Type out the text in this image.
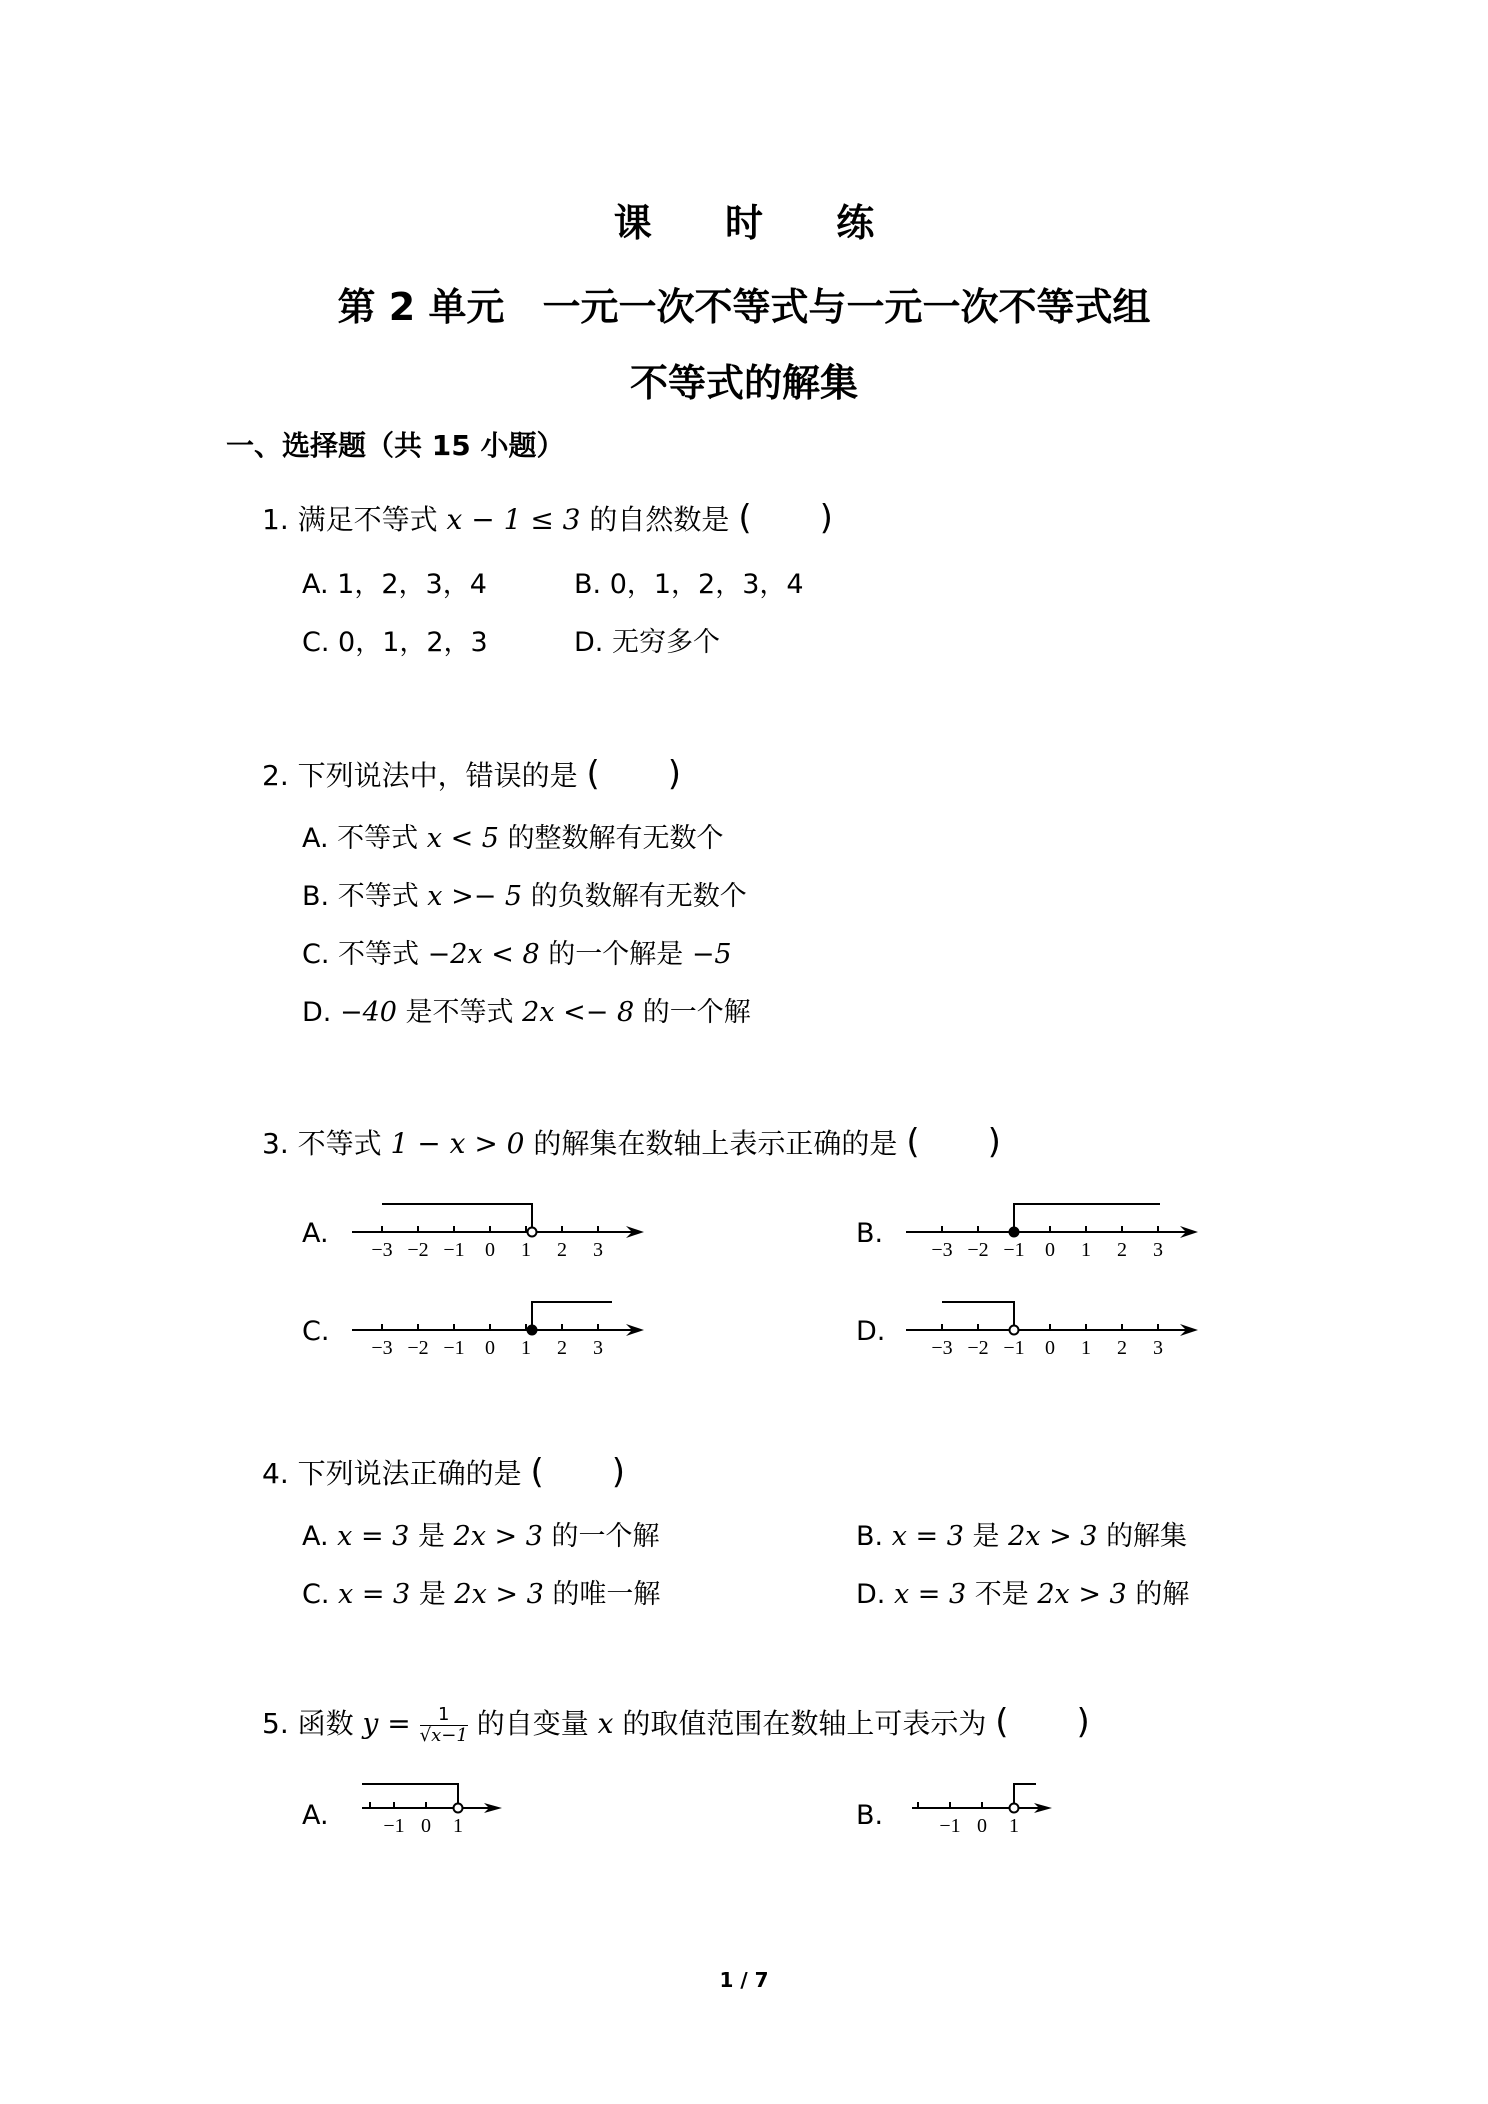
课 时 练
第 2 单元　一元一次不等式与一元一次不等式组
不等式的解集
一、选择题（共 15 小题）
1. 满足不等式 x − 1 ≤ 3 的自然数是 (　　)
A. 1，2，3，4	B. 0，1，2，3，4
C. 0，1，2，3	D. 无穷多个
2. 下列说法中，错误的是 (　　)
A. 不等式 x < 5 的整数解有无数个
B. 不等式 x >− 5 的负数解有无数个
C. 不等式 −2x < 8 的一个解是 −5
D. −40 是不等式 2x <− 8 的一个解
3. 不等式 1 − x > 0 的解集在数轴上表示正确的是 (　　)
A.	B.
C.	D.
−3 −2 −1 0 1 2 3	−3 −2 −1 0 1 2 3
−3 −2 −1 0 1 2 3	−3 −2 −1 0 1 2 3
4. 下列说法正确的是 (　　)
A. x = 3 是 2x > 3 的一个解	B. x = 3 是 2x > 3 的解集
C. x = 3 是 2x > 3 的唯一解	D. x = 3 不是 2x > 3 的解
5. 函数 $y = \frac{1}{√x-1}$ 的自变量 x 的取值范围在数轴上可表示为 (　　)
A.	B.
−1 0 1	−1 0 1
1 / 7
